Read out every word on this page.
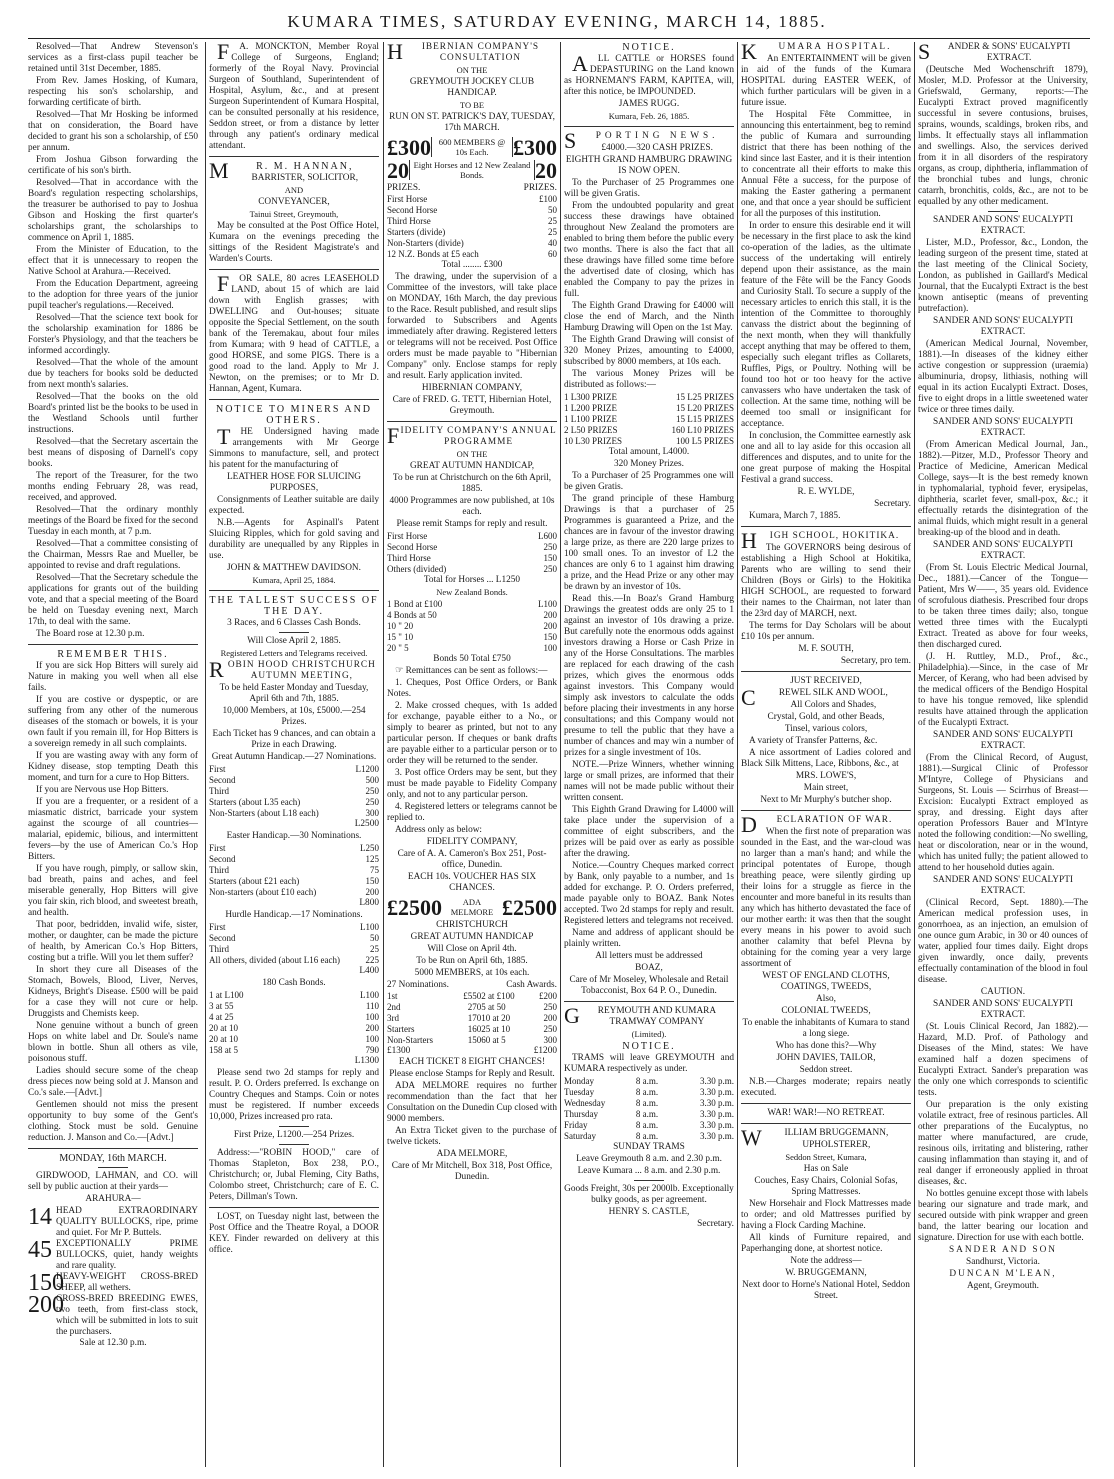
KUMARA TIMES, SATURDAY EVENING, MARCH 14, 1885.

Resolved—That Andrew Stevenson's services as a first-class pupil teacher be retained until 31st December, 1885.

From Rev. James Hosking, of Kumara, respecting his son's scholarship, and forwarding certificate of birth.

Resolved—That Mr Hosking be informed that on consideration, the Board have decided to grant his son a scholarship, of £50 per annum.

From Joshua Gibson forwarding the certificate of his son's birth.

Resolved—That in accordance with the Board's regulation respecting scholarships, the treasurer be authorised to pay to Joshua Gibson and Hosking the first quarter's scholarships grant, the scholarships to commence on April 1, 1885.

From the Minister of Education, to the effect that it is unnecessary to reopen the Native School at Arahura.—Received.

From the Education Department, agreeing to the adoption for three years of the junior pupil teacher's regulations.—Received.

Resolved—That the science text book for the scholarship examination for 1886 be Forster's Physiology, and that the teachers be informed accordingly.

Resolved—That the whole of the amount due by teachers for books sold be deducted from next month's salaries.

Resolved—That the books on the old Board's printed list be the books to be used in the Westland Schools until further instructions.

Resolved—that the Secretary ascertain the best means of disposing of Darnell's copy books.

The report of the Treasurer, for the two months ending February 28, was read, received, and approved.

Resolved—That the ordinary monthly meetings of the Board be fixed for the second Tuesday in each month, at 7 p.m.

Resolved—That a committee consisting of the Chairman, Messrs Rae and Mueller, be appointed to revise and draft regulations.

Resolved—That the Secretary schedule the applications for grants out of the building vote, and that a special meeting of the Board be held on Tuesday evening next, March 17th, to deal with the same.

The Board rose at 12.30 p.m.

REMEMBER THIS.

If you are sick Hop Bitters will surely aid Nature in making you well when all else fails.

If you are costive or dyspeptic, or are suffering from any other of the numerous diseases of the stomach or bowels, it is your own fault if you remain ill, for Hop Bitters is a sovereign remedy in all such complaints.

If you are wasting away with any form of Kidney disease, stop tempting Death this moment, and turn for a cure to Hop Bitters.

If you are Nervous use Hop Bitters.

If you are a frequenter, or a resident of a miasmatic district, barricade your system against the scourge of all countries—malarial, epidemic, bilious, and intermittent fevers—by the use of American Co.'s Hop Bitters.

If you have rough, pimply, or sallow skin, bad breath, pains and aches, and feel miserable generally, Hop Bitters will give you fair skin, rich blood, and sweetest breath, and health.

That poor, bedridden, invalid wife, sister, mother, or daughter, can be made the picture of health, by American Co.'s Hop Bitters, costing but a trifle. Will you let them suffer?

In short they cure all Diseases of the Stomach, Bowels, Blood, Liver, Nerves, Kidneys, Bright's Disease. £500 will be paid for a case they will not cure or help. Druggists and Chemists keep.

None genuine without a bunch of green Hops on white label and Dr. Soule's name blown in bottle. Shun all others as vile, poisonous stuff.

Ladies should secure some of the cheap dress pieces now being sold at J. Manson and Co.'s sale.—[Advt.]

Gentlemen should not miss the present opportunity to buy some of the Gent's clothing. Stock must be sold. Genuine reduction. J. Manson and Co.—[Advt.]

MONDAY, 16th MARCH.

GIRDWOOD, LAHMAN, and CO. will sell by public auction at their yards—

ARAHURA—

14 HEAD EXTRAORDINARY QUALITY BULLOCKS, ripe, prime and quiet. For Mr P. Buttels.
45 EXCEPTIONALLY PRIME BULLOCKS, quiet, handy weights and rare quality.
150
HEAVY-WEIGHT CROSS-BRED SHEEP, all wethers.
200
CROSS-BRED BREEDING EWES, two teeth, from first-class stock, which will be submitted in lots to suit the purchasers.

Sale at 12.30 p.m.

F A. MONCKTON, Member Royal College of Surgeons, England; formerly of the Royal Navy. Provincial Surgeon of Southland, Superintendent of Hospital, Asylum, &c., and at present Surgeon Superintendent of Kumara Hospital, can be consulted personally at his residence, Seddon street, or from a distance by letter through any patient's ordinary medical attendant.

M	R. M. HANNAN,

BARRISTER, SOLICITOR,

AND

CONVEYANCER,

Tainui Street, Greymouth,

May be consulted at the Post Office Hotel, Kumara on the evenings preceding the sittings of the Resident Magistrate's and Warden's Courts.

F OR SALE, 80 acres LEASEHOLD LAND, about 15 of which are laid down with English grasses; with DWELLING and Out-houses; situate opposite the Special Settlement, on the south bank of the Teremakau, about four miles from Kumara; with 9 head of CATTLE, a good HORSE, and some PIGS. There is a good road to the land. Apply to Mr J. Newton, on the premises; or to Mr D. Hannan, Agent, Kumara.

NOTICE TO MINERS AND OTHERS.

T HE Undersigned having made arrangements with Mr George Simmons to manufacture, sell, and protect his patent for the manufacturing of

LEATHER HOSE FOR SLUICING PURPOSES,

Consignments of Leather suitable are daily expected.

N.B.—Agents for Aspinall's Patent Sluicing Ripples, which for gold saving and durability are unequalled by any Ripples in use.

JOHN & MATTHEW DAVIDSON.

Kumara, April 25, 1884.

THE TALLEST SUCCESS OF THE DAY.

3 Races, and 6 Classes Cash Bonds.

Will Close April 2, 1885.

Registered Letters and Telegrams received.

ROBIN HOOD CHRISTCHURCH AUTUMN MEETING,

To be held Easter Monday and Tuesday, April 6th and 7th, 1885.

10,000 Members, at 10s, £5000.—254 Prizes.

Each Ticket has 9 chances, and can obtain a Prize in each Drawing.

Great Autumn Handicap.—27 Nominations.

First	L1200
Second	500
Third	250
Starters (about L35 each)	250
Non-Starters (about L18 each)	300

L2500

Easter Handicap.—30 Nominations.

First	L250
Second	125
Third	75
Starters (about £21 each)	150
Non-starters (about £10 each)	200

L800

Hurdle Handicap.—17 Nominations.

First	L100
Second	50
Third	25
All others, divided (about L16 each)	225

L400

180 Cash Bonds.

1 at L100	L100
3 at 55	110
4 at 25	100
20 at 10	200
20 at 10	100
158 at 5	790

L1300

Please send two 2d stamps for reply and result. P. O. Orders preferred. Is exchange on Country Cheques and Stamps. Coin or notes must be registered. If number exceeds 10,000, Prizes increased pro rata.

First Prize, L1200.—254 Prizes.

Address:—"ROBIN HOOD," care of Thomas Stapleton, Box 238, P.O., Christchurch; or, Jubal Fleming, City Baths, Colombo street, Christchurch; care of E. C. Peters, Dillman's Town.

LOST, on Tuesday night last, between the Post Office and the Theatre Royal, a DOOR KEY. Finder rewarded on delivery at this office.

H IBERNIAN COMPANY'S CONSULTATION

ON THE

GREYMOUTH JOCKEY CLUB HANDICAP.

TO BE

RUN ON ST. PATRICK'S DAY, TUESDAY, 17th MARCH.

£300 600 MEMBERS @ 10s Each.	£300
20 Eight Horses and 12 New Zealand Bonds.	20
PRIZES.	PRIZES.
First Horse	£100
Second Horse	50
Third Horse	25
Starters (divide)	25
Non-Starters (divide)	40
12 N.Z. Bonds at £5 each	60

Total ........ £300

The drawing, under the supervision of a Committee of the investors, will take place on MONDAY, 16th March, the day previous to the Race. Result published, and result slips forwarded to Subscribers and Agents immediately after drawing. Registered letters or telegrams will not be received. Post Office orders must be made payable to "Hibernian Company" only. Enclose stamps for reply and result. Early application invited.

HIBERNIAN COMPANY,

Care of FRED. G. TETT, Hibernian Hotel, Greymouth.

FIDELITY COMPANY'S ANNUAL PROGRAMME

ON THE

GREAT AUTUMN HANDICAP,

To be run at Christchurch on the 6th April, 1885.

4000 Programmes are now published, at 10s each.

Please remit Stamps for reply and result.

First Horse	L600
Second Horse	250
Third Horse	150
Others (divided)	250

Total for Horses ... L1250

New Zealand Bonds.

1 Bond at £100	L100
4 Bonds at 50	200
10 " 20	200
15 " 10	150
20 " 5	100

Bonds 50 Total £750

☞ Remittances can be sent as follows:—

1. Cheques, Post Office Orders, or Bank Notes.

2. Make crossed cheques, with 1s added for exchange, payable either to a No., or simply to bearer as printed, but not to any particular person. If cheques or bank drafts are payable either to a particular person or to order they will be returned to the sender.

3. Post office Orders may be sent, but they must be made payable to Fidelity Company only, and not to any particular person.

4. Registered letters or telegrams cannot be replied to.

Address only as below:

FIDELITY COMPANY,

Care of A. A. Cameron's Box 251, Post-office, Dunedin.

EACH 10s. VOUCHER HAS SIX CHANCES.

£2500	ADA MELMORE £2500

CHRISTCHURCH

GREAT AUTUMN HANDICAP

Will Close on April 4th.

To be Run on April 6th, 1885.

5000 MEMBERS, at 10s each.

27 Nominations.	Cash Awards.
1st	£550	2 at £100	£200
2nd	270	5 at 50	250
3rd	170	10 at 20	200
Starters	160	25 at 10	250
Non-Starters	150	60 at 5	300
£1300	£1200

EACH TICKET 8 EIGHT CHANCES!

Please enclose Stamps for Reply and Result.

ADA MELMORE requires no further recommendation than the fact that her Consultation on the Dunedin Cup closed with 9000 members.

An Extra Ticket given to the purchase of twelve tickets.

ADA MELMORE,

Care of Mr Mitchell, Box 318, Post Office, Dunedin.

NOTICE.

A LL CATTLE or HORSES found DEPASTURING on the Land known as HORNEMAN'S FARM, KAPITEA, will, after this notice, be IMPOUNDED.

JAMES RUGG.

Kumara, Feb. 26, 1885.

S PORTING NEWS.

£4000.—320 CASH PRIZES.

EIGHTH GRAND HAMBURG DRAWING IS NOW OPEN.

To the Purchaser of 25 Programmes one will be given Gratis.

From the undoubted popularity and great success these drawings have obtained throughout New Zealand the promoters are enabled to bring them before the public every two months. There is also the fact that all these drawings have filled some time before the advertised date of closing, which has enabled the Company to pay the prizes in full.

The Eighth Grand Drawing for £4000 will close the end of March, and the Ninth Hamburg Drawing will Open on the 1st May.

The Eighth Grand Drawing will consist of 320 Money Prizes, amounting to £4000, subscribed by 8000 members, at 10s each.

The various Money Prizes will be distributed as follows:—

1 L300 PRIZE	15 L25 PRIZES
1 L200 PRIZE	15 L20 PRIZES
1 L100 PRIZE	15 L15 PRIZES
2 L50 PRIZES	160 L10 PRIZES
10 L30 PRIZES	100 L5 PRIZES

Total amount, L4000.

320 Money Prizes.

To a Purchaser of 25 Programmes one will be given Gratis.

The grand principle of these Hamburg Drawings is that a purchaser of 25 Programmes is guaranteed a Prize, and the chances are in favour of the investor drawing a large prize, as there are 220 large prizes to 100 small ones. To an investor of L2 the chances are only 6 to 1 against him drawing a prize, and the Head Prize or any other may be drawn by an investor of 10s.

Read this.—In Boaz's Grand Hamburg Drawings the greatest odds are only 25 to 1 against an investor of 10s drawing a prize. But carefully note the enormous odds against investors drawing a Horse or Cash Prize in any of the Horse Consultations. The marbles are replaced for each drawing of the cash prizes, which gives the enormous odds against investors. This Company would simply ask investors to calculate the odds before placing their investments in any horse consultations; and this Company would not presume to tell the public that they have a number of chances and may win a number of prizes for a single investment of 10s.

NOTE.—Prize Winners, whether winning large or small prizes, are informed that their names will not be made public without their written consent.

This Eighth Grand Drawing for L4000 will take place under the supervision of a committee of eight subscribers, and the prizes will be paid over as early as possible after the drawing.

Notice.—Country Cheques marked correct by Bank, only payable to a number, and 1s added for exchange. P. O. Orders preferred, made payable only to BOAZ. Bank Notes accepted. Two 2d stamps for reply and result. Registered letters and telegrams not received.

Name and address of applicant should be plainly written.

All letters must be addressed

BOAZ,

Care of Mr Moseley, Wholesale and Retail Tobacconist, Box 64 P. O., Dunedin.

G REYMOUTH AND KUMARA TRAMWAY COMPANY

(Limited).

NOTICE.

TRAMS will leave GREYMOUTH and KUMARA respectively as under.

Monday	8 a.m.	3.30 p.m.
Tuesday	8 a.m.	3.30 p.m.
Wednesday	8 a.m.	3.30 p.m.
Thursday	8 a.m.	3.30 p.m.
Friday	8 a.m.	3.30 p.m.
Saturday	8 a.m.	3.30 p.m.

SUNDAY TRAMS

Leave Greymouth 8 a.m. and 2.30 p.m.

Leave Kumara ... 8 a.m. and 2.30 p.m.

Goods Freight, 30s per 2000lb. Exceptionally bulky goods, as per agreement.

HENRY S. CASTLE,

Secretary.

K UMARA HOSPITAL.

An ENTERTAINMENT will be given in aid of the funds of the Kumara HOSPITAL during EASTER WEEK, of which further particulars will be given in a future issue.

The Hospital Fête Committee, in announcing this entertainment, beg to remind the public of Kumara and surrounding district that there has been nothing of the kind since last Easter, and it is their intention to concentrate all their efforts to make this Annual Fête a success, for the purpose of making the Easter gathering a permanent one, and that once a year should be sufficient for all the purposes of this institution.

In order to ensure this desirable end it will be necessary in the first place to ask the kind co-operation of the ladies, as the ultimate success of the undertaking will entirely depend upon their assistance, as the main feature of the Fête will be the Fancy Goods and Curiosity Stall. To secure a supply of the necessary articles to enrich this stall, it is the intention of the Committee to thoroughly canvass the district about the beginning of the next month, when they will thankfully accept anything that may be offered to them, especially such elegant trifles as Collarets, Ruffles, Pigs, or Poultry. Nothing will be found too hot or too heavy for the active canvassers who have undertaken the task of collection. At the same time, nothing will be deemed too small or insignificant for acceptance.

In conclusion, the Committee earnestly ask one and all to lay aside for this occasion all differences and disputes, and to unite for the one great purpose of making the Hospital Festival a grand success.

R. E. WYLDE,

Secretary.

Kumara, March 7, 1885.

H IGH SCHOOL, HOKITIKA.

The GOVERNORS being desirous of establishing a High School at Hokitika, Parents who are willing to send their Children (Boys or Girls) to the Hokitika HIGH SCHOOL, are requested to forward their names to the Chairman, not later than the 23rd day of MARCH, next.

The terms for Day Scholars will be about £10 10s per annum.

M. F. SOUTH,

Secretary, pro tem.

JUST RECEIVED,

C REWEL SILK AND WOOL,

All Colors and Shades,

Crystal, Gold, and other Beads,

Tinsel, various colors,

A variety of Transfer Patterns, &c.

A nice assortment of Ladies colored and Black Silk Mittens, Lace, Ribbons, &c., at

MRS. LOWE'S,

Main street,

Next to Mr Murphy's butcher shop.

D ECLARATION OF WAR.

When the first note of preparation was sounded in the East, and the war-cloud was no larger than a man's hand; and while the principal potentates of Europe, though breathing peace, were silently girding up their loins for a struggle as fierce in the encounter and more baneful in its results than any which has hitherto devastated the face of our mother earth: it was then that the sought every means in his power to avoid such another calamity that befel Plevna by obtaining for the coming year a very large assortment of

WEST OF ENGLAND CLOTHS, COATINGS, TWEEDS,

Also,

COLONIAL TWEEDS,

To enable the inhabitants of Kumara to stand a long siege.

Who has done this?—Why

JOHN DAVIES, TAILOR,

Seddon street.

N.B.—Charges moderate; repairs neatly executed.

WAR! WAR!—NO RETREAT.

W ILLIAM BRUGGEMANN,

UPHOLSTERER,

Seddon Street, Kumara,

Has on Sale

Couches, Easy Chairs, Colonial Sofas, Spring Mattresses.

New Horsehair and Flock Mattresses made to order; and old Mattresses purified by having a Flock Carding Machine.

All kinds of Furniture repaired, and Paperhanging done, at shortest notice.

Note the address—

W. BRUGGEMANN,

Next door to Horne's National Hotel, Seddon Street.

S ANDER & SONS' EUCALYPTI EXTRACT.

(Deutsche Med Wochenschrift 1879), Mosler, M.D. Professor at the University, Griefswald, Germany, reports:—The Eucalypti Extract proved magnificently successful in severe contusions, bruises, sprains, wounds, scaldings, broken ribs, and limbs. It effectually stays all inflammation and swellings. Also, the services derived from it in all disorders of the respiratory organs, as croup, diphtheria, inflammation of the bronchial tubes and lungs, chronic catarrh, bronchitis, colds, &c., are not to be equalled by any other medicament.

SANDER AND SONS' EUCALYPTI EXTRACT.

Lister, M.D., Professor, &c., London, the leading surgeon of the present time, stated at the last meeting of the Clinical Society, London, as published in Gaillard's Medical Journal, that the Eucalypti Extract is the best known antiseptic (means of preventing putrefaction).

SANDER AND SONS' EUCALYPTI EXTRACT.

(American Medical Journal, November, 1881).—In diseases of the kidney either active congestion or suppression (uraemia) albuminuria, dropsy, lithiasis, nothing will equal in its action Eucalypti Extract. Doses, five to eight drops in a little sweetened water twice or three times daily.

SANDER AND SONS' EUCALYPTI EXTRACT.

(From American Medical Journal, Jan., 1882).—Pitzer, M.D., Professor Theory and Practice of Medicine, American Medical College, says—It is the best remedy known in typhomalarial, typhoid fever, erysipelas, diphtheria, scarlet fever, small-pox, &c.; it effectually retards the disintegration of the animal fluids, which might result in a general breaking-up of the blood and in death.

SANDER AND SONS' EUCALYPTI EXTRACT.

(From St. Louis Electric Medical Journal, Dec., 1881).—Cancer of the Tongue—Patient, Mrs W——, 35 years old. Evidence of scrofulous diathesis. Prescribed four drops to be taken three times daily; also, tongue wetted three times with the Eucalypti Extract. Treated as above for four weeks, then discharged cured.

(J. H. Ruttley, M.D., Prof., &c., Philadelphia).—Since, in the case of Mr Mercer, of Kerang, who had been advised by the medical officers of the Bendigo Hospital to have his tongue removed, like splendid results have attained through the application of the Eucalypti Extract.

SANDER AND SONS' EUCALYPTI EXTRACT.

(From the Clinical Record, of August, 1881).—Surgical Clinic of Professor M'Intyre, College of Physicians and Surgeons, St. Louis — Scirrhus of Breast—Excision: Eucalypti Extract employed as spray, and dressing. Eight days after operation Professors Bauer and M'Intyre noted the following condition:—No swelling, heat or discoloration, near or in the wound, which has united fully; the patient allowed to attend to her household duties again.

SANDER AND SONS' EUCALYPTI EXTRACT.

(Clinical Record, Sept. 1880).—The American medical profession uses, in gonorrhoea, as an injection, an emulsion of one ounce gum Arabic, in 30 or 40 ounces of water, applied four times daily. Eight drops given inwardly, once daily, prevents effectually contamination of the blood in foul disease.

CAUTION.

SANDER AND SONS' EUCALYPTI EXTRACT.

(St. Louis Clinical Record, Jan 1882).—Hazard, M.D. Prof. of Pathology and Diseases of the Mind, states: We have examined half a dozen specimens of Eucalypti Extract. Sander's preparation was the only one which corresponds to scientific tests.

Our preparation is the only existing volatile extract, free of resinous particles. All other preparations of the Eucalyptus, no matter where manufactured, are crude, resinous oils, irritating and blistering, rather causing inflammation than staying it, and of real danger if erroneously applied in throat diseases, &c.

No bottles genuine except those with labels bearing our signature and trade mark, and secured outside with pink wrapper and green band, the latter bearing our location and signature. Direction for use with each bottle.

SANDER AND SON

Sandhurst, Victoria.

DUNCAN M'LEAN,

Agent, Greymouth.
